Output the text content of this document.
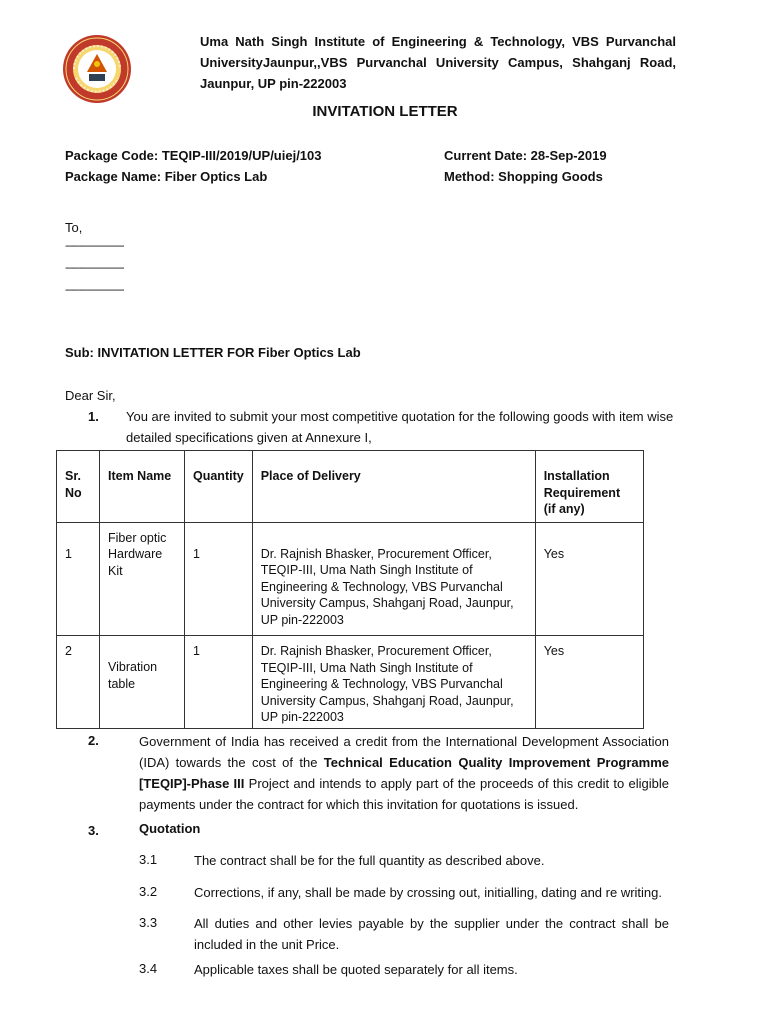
Uma Nath Singh Institute of Engineering & Technology, VBS Purvanchal UniversityJaunpur,,VBS Purvanchal University Campus, Shahganj Road, Jaunpur, UP pin-222003
INVITATION LETTER
Package Code: TEQIP-III/2019/UP/uiej/103
Package Name: Fiber Optics Lab
Current Date: 28-Sep-2019
Method: Shopping Goods
To,
----------------------
----------------------
----------------------
Sub: INVITATION LETTER FOR Fiber Optics Lab
Dear Sir,
1. You are invited to submit your most competitive quotation for the following goods with item wise
detailed specifications given at Annexure I,
Sr. No	Item Name	Quantity	Place of Delivery	Installation Requirement (if any)
1	Fiber optic Hardware Kit	1	Dr. Rajnish Bhasker, Procurement Officer, TEQIP-III, Uma Nath Singh Institute of Engineering & Technology, VBS Purvanchal University Campus, Shahganj Road, Jaunpur, UP pin-222003	Yes
2	Vibration table	1	Dr. Rajnish Bhasker, Procurement Officer, TEQIP-III, Uma Nath Singh Institute of Engineering & Technology, VBS Purvanchal University Campus, Shahganj Road, Jaunpur, UP pin-222003	Yes
2.	Government of India has received a credit from the International Development Association (IDA) towards the cost of the Technical Education Quality Improvement Programme [TEQIP]-Phase III Project and intends to apply part of the proceeds of this credit to eligible payments under the contract for which this invitation for quotations is issued.
3.	Quotation
3.1	The contract shall be for the full quantity as described above.
3.2	Corrections, if any, shall be made by crossing out, initialling, dating and re writing.
3.3	All duties and other levies payable by the supplier under the contract shall be included in the unit Price.
3.4	Applicable taxes shall be quoted separately for all items.
